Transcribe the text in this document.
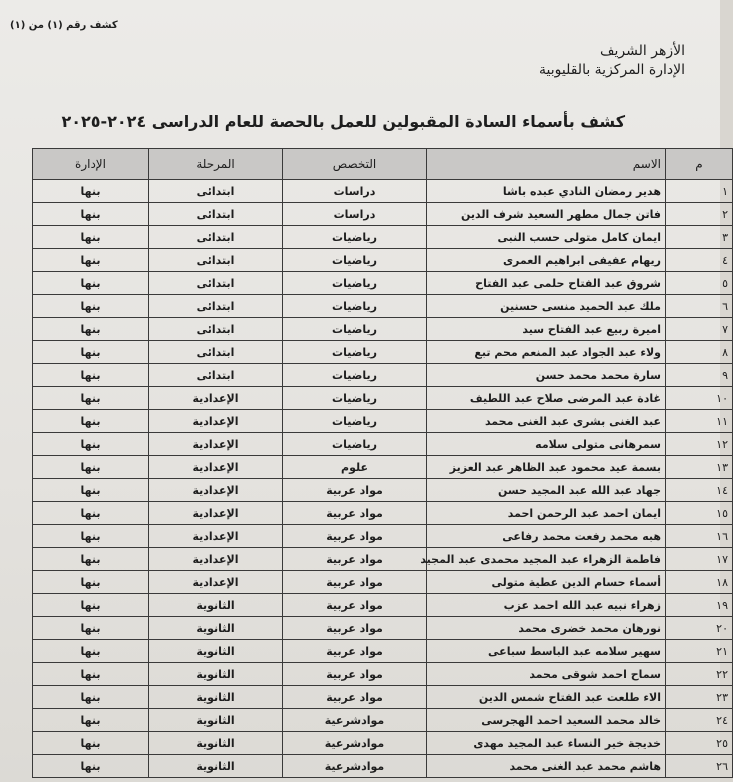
كشف رقم (١) من (١)
الأزهر الشريف
الإدارة المركزية بالقليوبية
كشف بأسماء السادة المقبولين للعمل بالحصة للعام الدراسى ٢٠٢٤-٢٠٢٥
م	الاسم	التخصص	المرحلة	الإدارة
١	هدير رمضان النادي عبده باشا	دراسات	ابتدائى	بنها
٢	فاتن جمال مطهر السعيد شرف الدين	دراسات	ابتدائى	بنها
٣	ايمان كامل متولى حسب النبى	رياضيات	ابتدائى	بنها
٤	ريهام عفيفى ابراهيم العمرى	رياضيات	ابتدائى	بنها
٥	شروق عبد الفتاح حلمى عبد الفتاح	رياضيات	ابتدائى	بنها
٦	ملك عبد الحميد منسى حسنين	رياضيات	ابتدائى	بنها
٧	اميرة ربيع عبد الفتاح سيد	رياضيات	ابتدائى	بنها
٨	ولاء عبد الجواد عبد المنعم محم تبع	رياضيات	ابتدائى	بنها
٩	سارة محمد محمد حسن	رياضيات	ابتدائى	بنها
١٠	غادة عبد المرضى صلاح عبد اللطيف	رياضيات	الإعدادية	بنها
١١	عبد الغنى بشرى عبد الغنى محمد	رياضيات	الإعدادية	بنها
١٢	سمرهانى متولى سلامه	رياضيات	الإعدادية	بنها
١٣	بسمة عيد محمود عبد الظاهر عبد العزيز	علوم	الإعدادية	بنها
١٤	جهاد عبد الله عبد المجيد حسن	مواد عربية	الإعدادية	بنها
١٥	ايمان احمد عبد الرحمن احمد	مواد عربية	الإعدادية	بنها
١٦	هبه محمد رفعت محمد رفاعى	مواد عربية	الإعدادية	بنها
١٧	فاطمة الزهراء عبد المجيد محمدى عبد المجيد	مواد عربية	الإعدادية	بنها
١٨	أسماء حسام الدين عطية متولى	مواد عربية	الإعدادية	بنها
١٩	زهراء نبيه عبد الله احمد عزب	مواد عربية	الثانوية	بنها
٢٠	نورهان محمد خضرى محمد	مواد عربية	الثانوية	بنها
٢١	سهير سلامه عبد الباسط سباعى	مواد عربية	الثانوية	بنها
٢٢	سماح احمد شوقى محمد	مواد عربية	الثانوية	بنها
٢٣	الاء طلعت عبد الفتاح شمس الدين	مواد عربية	الثانوية	بنها
٢٤	خالد محمد السعيد احمد الهجرسى	موادشرعية	الثانوية	بنها
٢٥	خديجة خير النساء عبد المجيد مهدى	موادشرعية	الثانوية	بنها
٢٦	هاشم محمد عبد الغنى محمد	موادشرعية	الثانوية	بنها
